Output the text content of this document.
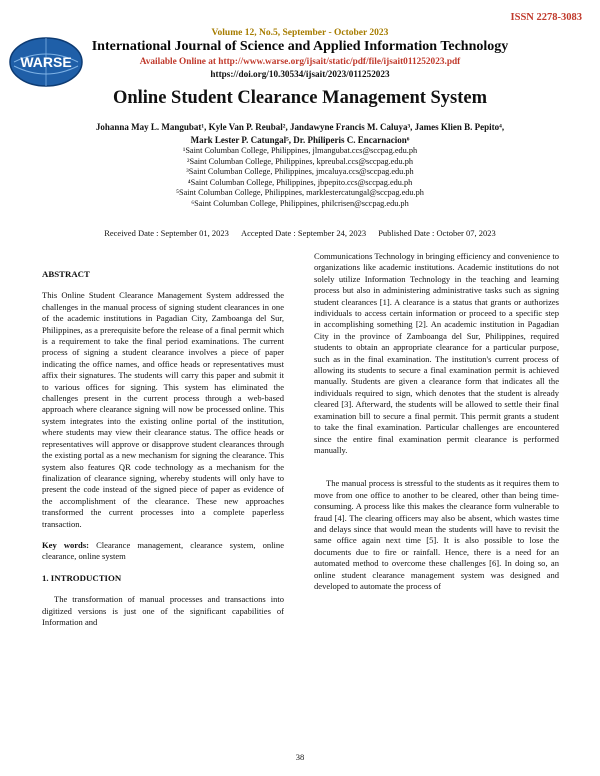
ISSN 2278-3083
WARSE
Volume 12, No.5, September - October 2023
International Journal of Science and Applied Information Technology
Available Online at http://www.warse.org/ijsait/static/pdf/file/ijsait011252023.pdf
https://doi.org/10.30534/ijsait/2023/011252023
Online Student Clearance Management System
Johanna May L. Mangubat¹, Kyle Van P. Reubal², Jandawyne Francis M. Caluya³, James Klien B. Pepito⁴,
Mark Lester P. Catungal⁵, Dr. Philiperis C. Encarnacion⁶
¹Saint Columban College, Philippines, jlmangubat.ccs@sccpag.edu.ph
²Saint Columban College, Philippines, kpreubal.ccs@sccpag.edu.ph
³Saint Columban College, Philippines, jmcaluya.ccs@sccpag.edu.ph
⁴Saint Columban College, Philippines, jbpepito.ccs@sccpag.edu.ph
⁵Saint Columban College, Philippines, marklestercatungal@sccpag.edu.ph
⁶Saint Columban College, Philippines, philcrisen@sccpag.edu.ph
Received Date : September 01, 2023 Accepted Date : September 24, 2023 Published Date : October 07, 2023
ABSTRACT

This Online Student Clearance Management System addressed the challenges in the manual process of signing student clearances in one of the academic institutions in Pagadian City, Zamboanga del Sur, Philippines, as a prerequisite before the release of a final permit which is a requirement to take the final period examinations. The current process of signing a student clearance involves a piece of paper indicating the office names, and office heads or representatives must affix their signatures. The students will carry this paper and submit it to various offices for signing. This system has eliminated the challenges present in the current process through a web-based approach where clearance signing will now be processed online. This system integrates into the existing online portal of the institution, where students may view their clearance status. The office heads or representatives will approve or disapprove student clearances through the existing portal as a new mechanism for signing the clearance. This system also features QR code technology as a mechanism for the finalization of clearance signing, whereby students will only have to present the code instead of the signed piece of paper as evidence of the accomplishment of the clearance. These new approaches transformed the current processes into a complete paperless transaction.

Key words: Clearance management, clearance system, online clearance, online system

1. INTRODUCTION

The transformation of manual processes and transactions into digitized versions is just one of the significant capabilities of Information and

Communications Technology in bringing efficiency and convenience to organizations like academic institutions. Academic institutions do not solely utilize Information Technology in the teaching and learning process but also in administering administrative tasks such as signing student clearances [1]. A clearance is a status that grants or authorizes individuals to access certain information or proceed to a specific step in accomplishing something [2]. An academic institution in Pagadian City in the province of Zamboanga del Sur, Philippines, required students to obtain an appropriate clearance for a particular purpose, such as in the final examination. The institution's current process of allowing its students to secure a final examination permit is achieved manually. Students are given a clearance form that indicates all the individuals required to sign, which denotes that the student is already cleared [3]. Afterward, the students will be allowed to settle their final examination bill to secure a final permit. This permit grants a student to take the final examination. Particular challenges are encountered since the entire final examination permit clearance is performed manually.

The manual process is stressful to the students as it requires them to move from one office to another to be cleared, other than being time-consuming. A process like this makes the clearance form vulnerable to fraud [4]. The clearing officers may also be absent, which wastes time and delays since that would mean the students will have to revisit the same office again next time [5]. It is also possible to lose the documents due to fire or rainfall. Hence, there is a need for an automated method to overcome these challenges [6]. In doing so, an online student clearance management system was designed and developed to automate the process of

38
